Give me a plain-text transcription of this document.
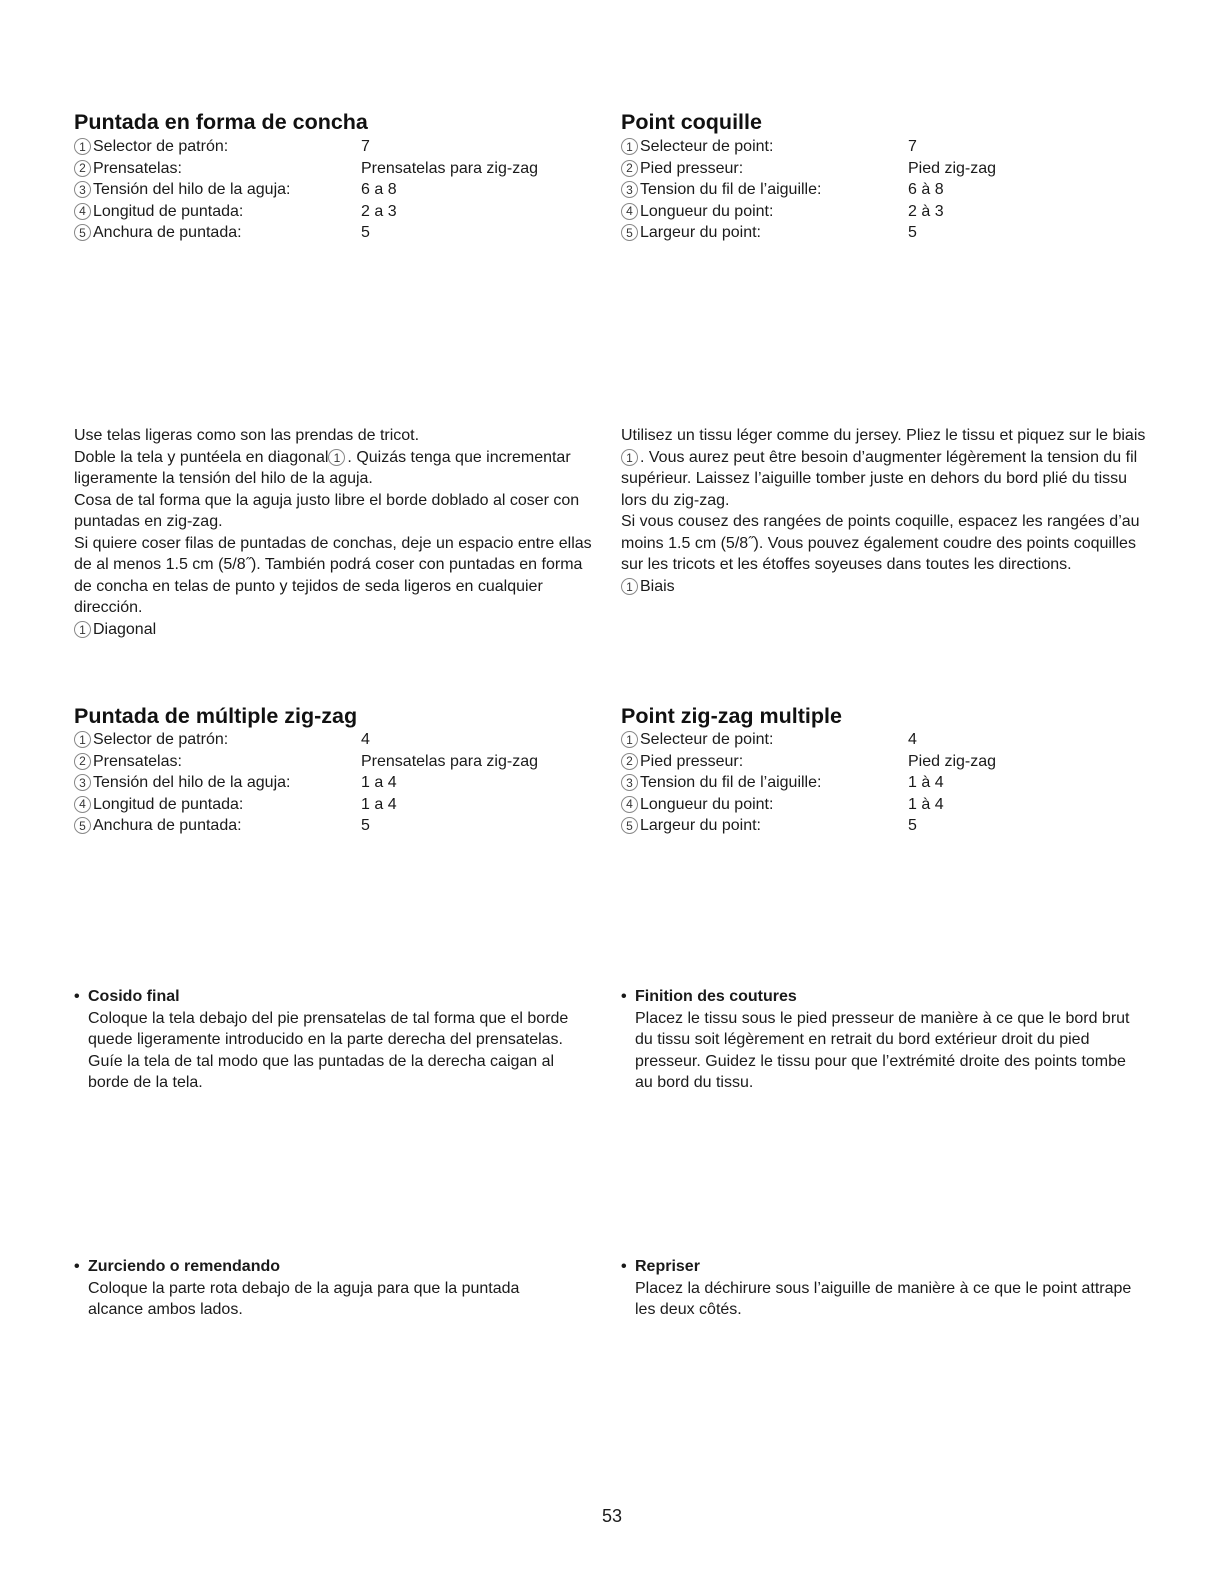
Puntada en forma de concha
1 Selector de patrón:	7
2 Prensatelas:	Prensatelas para zig-zag
3 Tensión del hilo de la aguja:	6 a 8
4 Longitud de puntada:	2 a 3
5 Anchura de puntada:	5

Use telas ligeras como son las prendas de tricot.

Doble la tela y puntéela en diagonal 1 . Quizás tenga que incrementar ligeramente la tensión del hilo de la aguja.

Cosa de tal forma que la aguja justo libre el borde doblado al coser con puntadas en zig-zag.

Si quiere coser filas de puntadas de conchas, deje un espacio entre ellas de al menos 1.5 cm (5/8˝). También podrá coser con puntadas en forma de concha en telas de punto y tejidos de seda ligeros en cualquier dirección.

1 Diagonal

Puntada de múltiple zig-zag
1 Selector de patrón:	4
2 Prensatelas:	Prensatelas para zig-zag
3 Tensión del hilo de la aguja:	1 a 4
4 Longitud de puntada:	1 a 4
5 Anchura de puntada:	5
• Cosido final
Coloque la tela debajo del pie prensatelas de tal forma que el borde quede ligeramente introducido en la parte derecha del prensatelas. Guíe la tela de tal modo que las puntadas de la derecha caigan al borde de la tela.
• Zurciendo o remendando
Coloque la parte rota debajo de la aguja para que la puntada alcance ambos lados.
Point coquille
1 Selecteur de point:	7
2 Pied presseur:	Pied zig-zag
3 Tension du fil de l’aiguille:	6 à 8
4 Longueur du point:	2 à 3
5 Largeur du point:	5

Utilisez un tissu léger comme du jersey. Pliez le tissu et piquez sur le biais 1 . Vous aurez peut être besoin d’augmenter légèrement la tension du fil supérieur. Laissez l’aiguille tomber juste en dehors du bord plié du tissu lors du zig-zag.

Si vous cousez des rangées de points coquille, espacez les rangées d’au moins 1.5 cm (5/8˝). Vous pouvez également coudre des points coquilles sur les tricots et les étoffes soyeuses dans toutes les directions.

1 Biais

Point zig-zag multiple
1 Selecteur de point:	4
2 Pied presseur:	Pied zig-zag
3 Tension du fil de l’aiguille:	1 à 4
4 Longueur du point:	1 à 4
5 Largeur du point:	5
• Finition des coutures
Placez le tissu sous le pied presseur de manière à ce que le bord brut du tissu soit légèrement en retrait du bord extérieur droit du pied presseur. Guidez le tissu pour que l’extrémité droite des points tombe au bord du tissu.
• Repriser
Placez la déchirure sous l’aiguille de manière à ce que le point attrape les deux côtés.
53
